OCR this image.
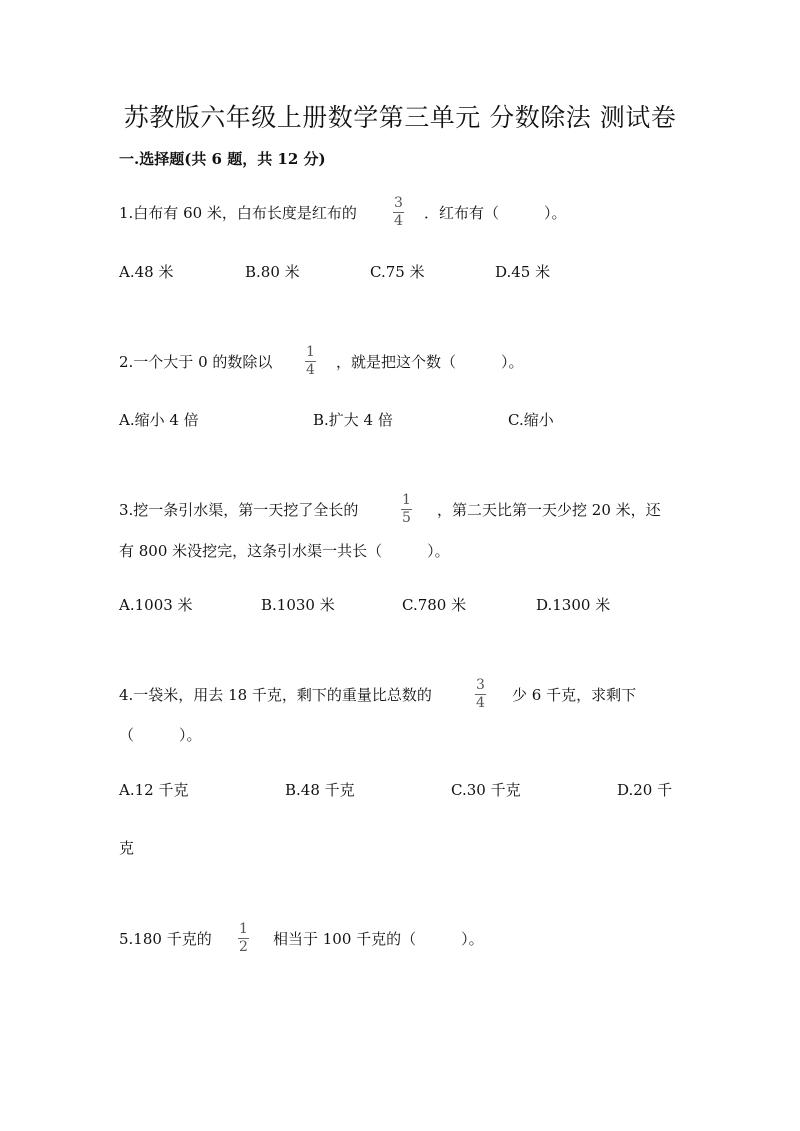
苏教版六年级上册数学第三单元 分数除法 测试卷
一.选择题(共 6 题，共 12 分)
1.白布有 60 米，白布长度是红布的
3
4 ．红布有（　　　）。
A.48 米	B.80 米	C.75 米	D.45 米
2.一个大于 0 的数除以
1
4 ，就是把这个数（　　　）。
A.缩小 4 倍	B.扩大 4 倍	C.缩小
3.挖一条引水渠，第一天挖了全长的
1
5 ，第二天比第一天少挖 20 米，还
有 800 米没挖完，这条引水渠一共长（　　　）。
A.1003 米	B.1030 米	C.780 米	D.1300 米
4.一袋米，用去 18 千克，剩下的重量比总数的
3
4 少 6 千克，求剩下
（　　　）。
A.12 千克	B.48 千克	C.30 千克	D.20 千
克
5.180 千克的
1
2 相当于 100 千克的（　　　）。
